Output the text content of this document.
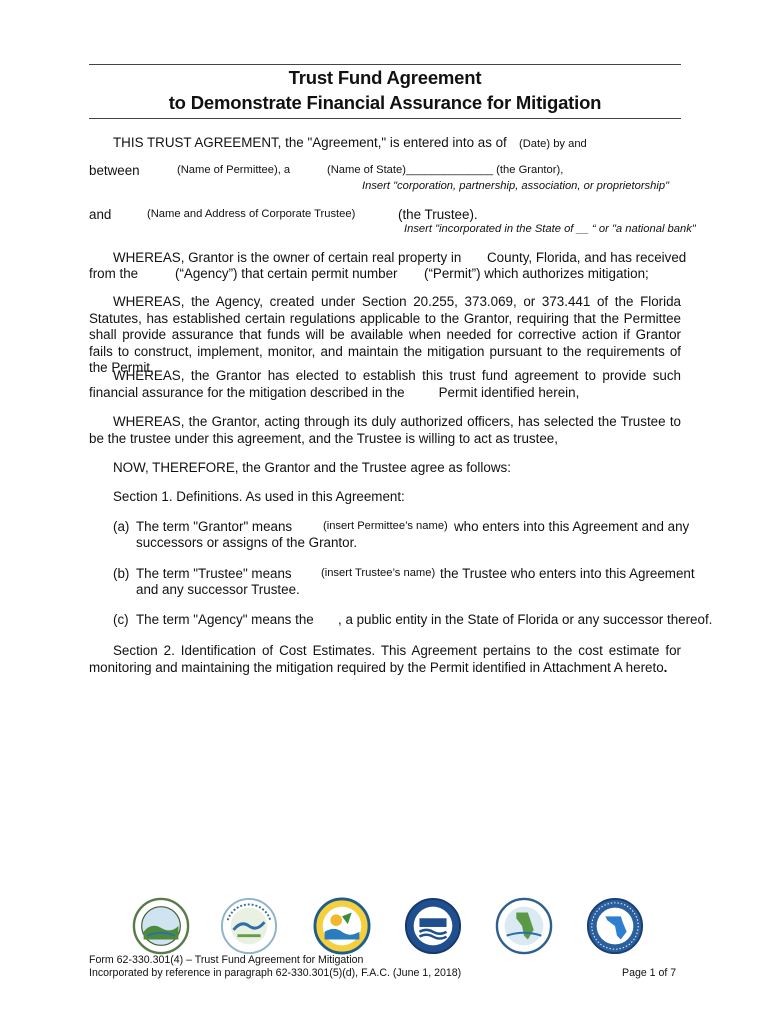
Trust Fund Agreement
to Demonstrate Financial Assurance for Mitigation
THIS TRUST AGREEMENT, the "Agreement," is entered into as of (Date) by and
between	(Name of Permittee), a	(Name of State)______________ (the Grantor),
Insert "corporation, partnership, association, or proprietorship"
and	(Name and Address of Corporate Trustee)	(the Trustee).
Insert "incorporated in the State of __ “ or "a national bank"
WHEREAS, Grantor is the owner of certain real property in County, Florida, and has received
from the	(“Agency”) that certain permit number (“Permit”) which authorizes mitigation;
WHEREAS, the Agency, created under Section 20.255, 373.069, or 373.441 of the Florida Statutes, has established certain regulations applicable to the Grantor, requiring that the Permittee shall provide assurance that funds will be available when needed for corrective action if Grantor fails to construct, implement, monitor, and maintain the mitigation pursuant to the requirements of the Permit,
WHEREAS, the Grantor has elected to establish this trust fund agreement to provide such financial assurance for the mitigation described in the	Permit identified herein,
WHEREAS, the Grantor, acting through its duly authorized officers, has selected the Trustee to be the trustee under this agreement, and the Trustee is willing to act as trustee,
NOW, THEREFORE, the Grantor and the Trustee agree as follows:
Section 1. Definitions. As used in this Agreement:
(a) The term "Grantor" means	(insert Permittee’s name) who enters into this Agreement and any
successors or assigns of the Grantor.
(b) The term "Trustee" means	(insert Trustee’s name) the Trustee who enters into this Agreement
and any successor Trustee.
(c) The term "Agency" means the , a public entity in the State of Florida or any successor thereof.
Section 2. Identification of Cost Estimates. This Agreement pertains to the cost estimate for monitoring and maintaining the mitigation required by the Permit identified in Attachment A hereto.
Form 62-330.301(4) – Trust Fund Agreement for Mitigation
Incorporated by reference in paragraph 62-330.301(5)(d), F.A.C. (June 1, 2018)	Page 1 of 7
